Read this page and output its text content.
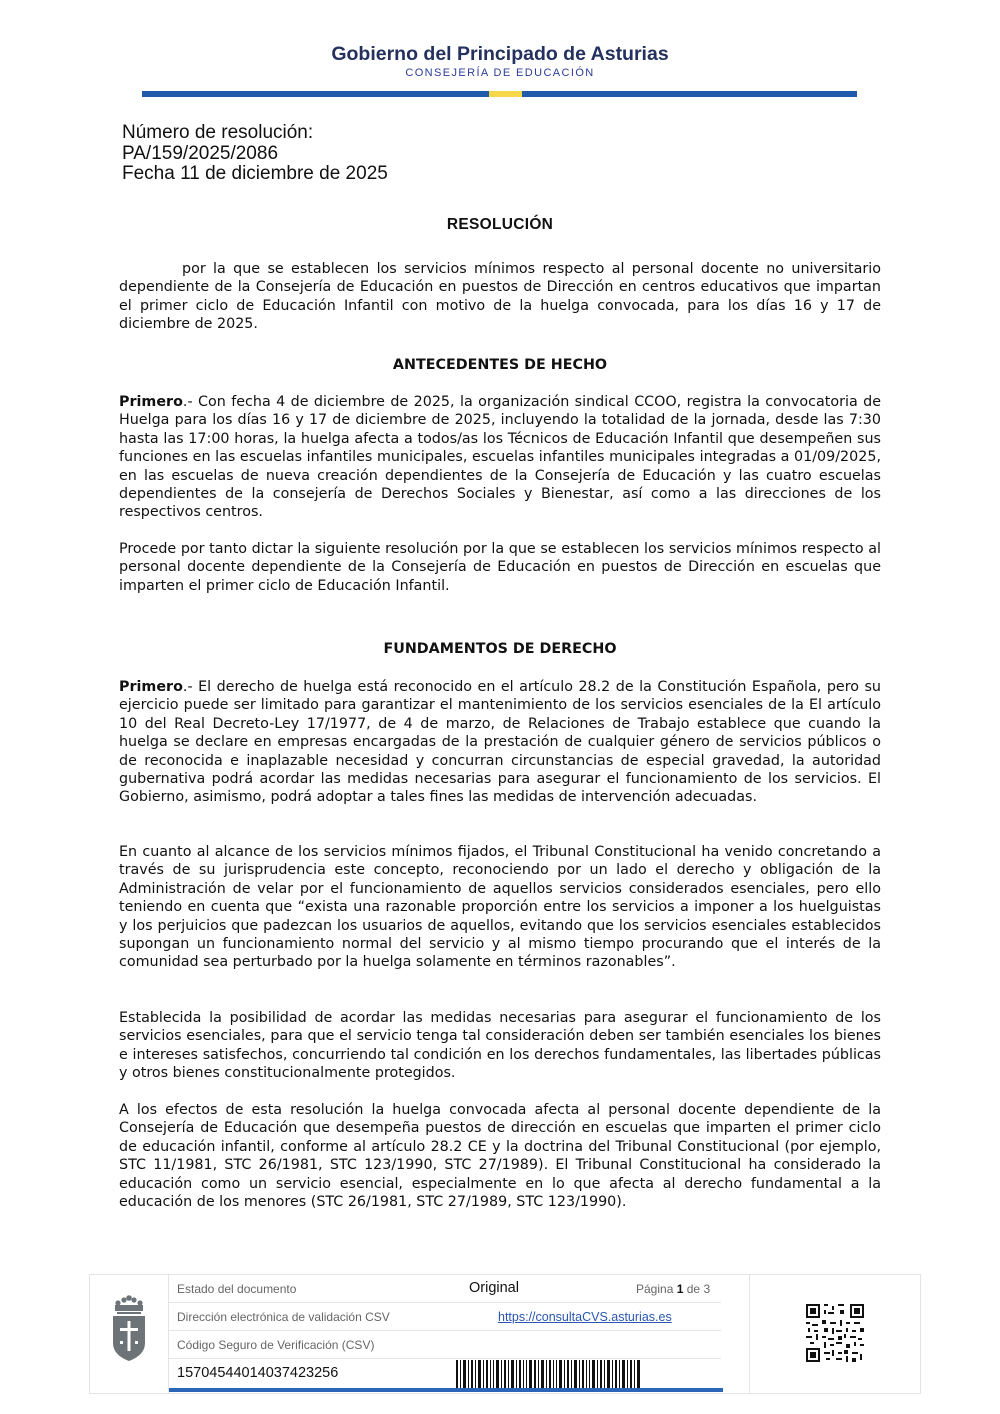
Gobierno del Principado de Asturias
CONSEJERÍA DE EDUCACIÓN
Número de resolución:
PA/159/2025/2086
Fecha 11 de diciembre de 2025
RESOLUCIÓN

por la que se establecen los servicios mínimos respecto al personal docente no universitario dependiente de la Consejería de Educación en puestos de Dirección en centros educativos que impartan el primer ciclo de Educación Infantil con motivo de la huelga convocada, para los días 16 y 17 de diciembre de 2025.

ANTECEDENTES DE HECHO

Primero.- Con fecha 4 de diciembre de 2025, la organización sindical CCOO, registra la convocatoria de Huelga para los días 16 y 17 de diciembre de 2025, incluyendo la totalidad de la jornada, desde las 7:30 hasta las 17:00 horas, la huelga afecta a todos/as los Técnicos de Educación Infantil que desempeñen sus funciones en las escuelas infantiles municipales, escuelas infantiles municipales integradas a 01/09/2025, en las escuelas de nueva creación dependientes de la Consejería de Educación y las cuatro escuelas dependientes de la consejería de Derechos Sociales y Bienestar, así como a las direcciones de los respectivos centros.

Procede por tanto dictar la siguiente resolución por la que se establecen los servicios mínimos respecto al personal docente dependiente de la Consejería de Educación en puestos de Dirección en escuelas que imparten el primer ciclo de Educación Infantil.

FUNDAMENTOS DE DERECHO

Primero.- El derecho de huelga está reconocido en el artículo 28.2 de la Constitución Española, pero su ejercicio puede ser limitado para garantizar el mantenimiento de los servicios esenciales de la El artículo 10 del Real Decreto-Ley 17/1977, de 4 de marzo, de Relaciones de Trabajo establece que cuando la huelga se declare en empresas encargadas de la prestación de cualquier género de servicios públicos o de reconocida e inaplazable necesidad y concurran circunstancias de especial gravedad, la autoridad gubernativa podrá acordar las medidas necesarias para asegurar el funcionamiento de los servicios. El Gobierno, asimismo, podrá adoptar a tales fines las medidas de intervención adecuadas.

En cuanto al alcance de los servicios mínimos fijados, el Tribunal Constitucional ha venido concretando a través de su jurisprudencia este concepto, reconociendo por un lado el derecho y obligación de la Administración de velar por el funcionamiento de aquellos servicios considerados esenciales, pero ello teniendo en cuenta que “exista una razonable proporción entre los servicios a imponer a los huelguistas y los perjuicios que padezcan los usuarios de aquellos, evitando que los servicios esenciales establecidos supongan un funcionamiento normal del servicio y al mismo tiempo procurando que el interés de la comunidad sea perturbado por la huelga solamente en términos razonables”.

Establecida la posibilidad de acordar las medidas necesarias para asegurar el funcionamiento de los servicios esenciales, para que el servicio tenga tal consideración deben ser también esenciales los bienes e intereses satisfechos, concurriendo tal condición en los derechos fundamentales, las libertades públicas y otros bienes constitucionalmente protegidos.

A los efectos de esta resolución la huelga convocada afecta al personal docente dependiente de la Consejería de Educación que desempeña puestos de dirección en escuelas que imparten el primer ciclo de educación infantil, conforme al artículo 28.2 CE y la doctrina del Tribunal Constitucional (por ejemplo, STC 11/1981, STC 26/1981, STC 123/1990, STC 27/1989). El Tribunal Constitucional ha considerado la educación como un servicio esencial, especialmente en lo que afecta al derecho fundamental a la educación de los menores (STC 26/1981, STC 27/1989, STC 123/1990).

Estado del documento	Original	Página 1 de 3
Dirección electrónica de validación CSV	https://consultaCVS.asturias.es
Código Seguro de Verificación (CSV)
15704544014037423256
